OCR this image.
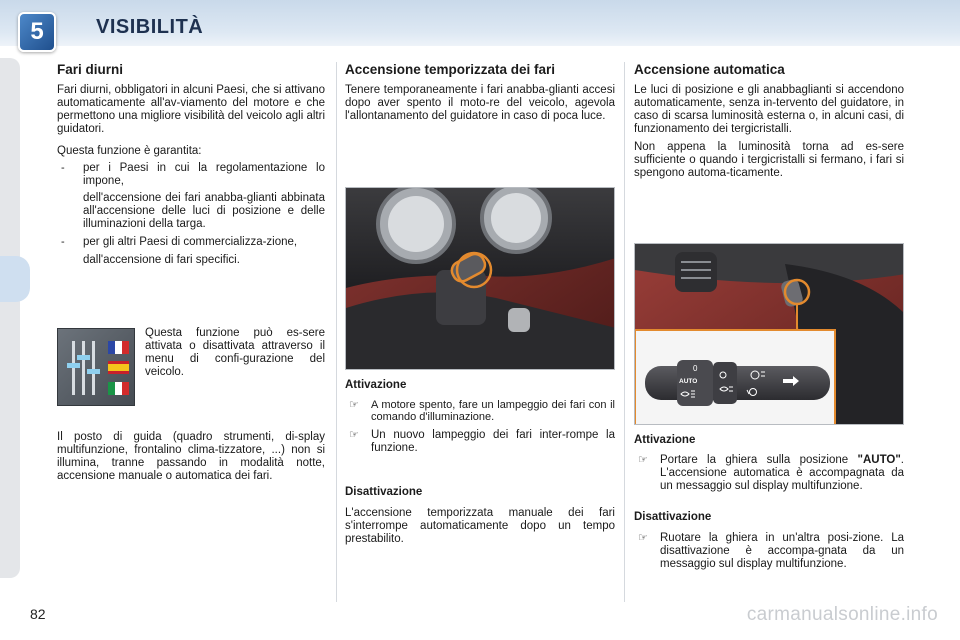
5	VISIBILITÀ
Fari diurni

Fari diurni, obbligatori in alcuni Paesi, che si attivano automaticamente all'av-viamento del motore e che permettono una migliore visibilità del veicolo agli altri guidatori.

Questa funzione è garantita:

- per i Paesi in cui la regolamentazione lo impone,
dell'accensione dei fari anabba-glianti abbinata all'accensione delle luci di posizione e delle illuminazioni della targa.
- per gli altri Paesi di commercializza-zione,
dall'accensione di fari specifici.

Questa funzione può es-sere attivata o disattivata attraverso il menu di confi-gurazione del veicolo.

Il posto di guida (quadro strumenti, di-splay multifunzione, frontalino clima-tizzatore, ...) non si illumina, tranne passando in modalità notte, accensione manuale o automatica dei fari.

Accensione temporizzata dei fari

Tenere temporaneamente i fari anabba-glianti accesi dopo aver spento il moto-re del veicolo, agevola l'allontanamento del guidatore in caso di poca luce.

Attivazione
☞ A motore spento, fare un lampeggio dei fari con il comando d'illuminazione.
☞ Un nuovo lampeggio dei fari inter-rompe la funzione.
Disattivazione

L'accensione temporizzata manuale dei fari s'interrompe automaticamente dopo un tempo prestabilito.

Accensione automatica

Le luci di posizione e gli anabbaglianti si accendono automaticamente, senza in-tervento del guidatore, in caso di scarsa luminosità esterna o, in alcuni casi, di funzionamento dei tergicristalli.

Non appena la luminosità torna ad es-sere sufficiente o quando i tergicristalli si fermano, i fari si spengono automa-ticamente.

0
AUTO
Attivazione
☞ Portare la ghiera sulla posizione "AUTO". L'accensione automatica è accompagnata da un messaggio sul display multifunzione.
Disattivazione
☞ Ruotare la ghiera in un'altra posi-zione. La disattivazione è accompa-gnata da un messaggio sul display multifunzione.
82	carmanualsonline.info
